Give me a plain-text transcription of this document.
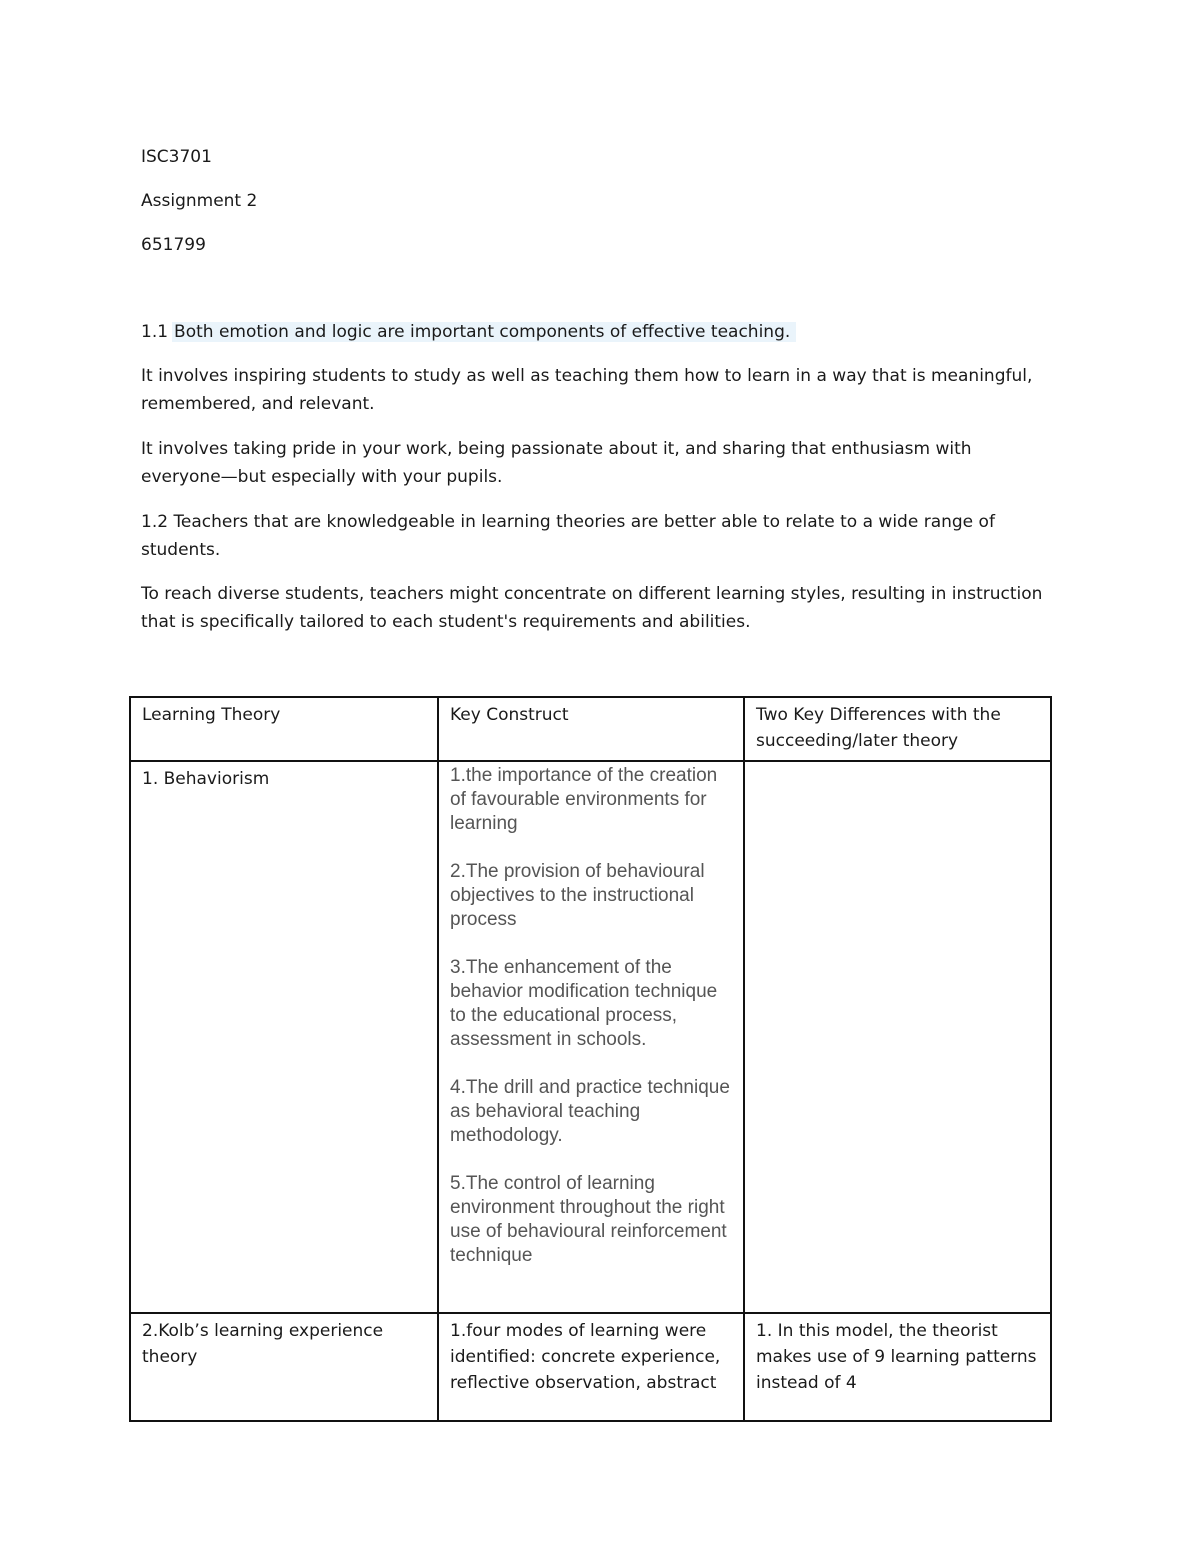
ISC3701

Assignment 2

651799

1.1 Both emotion and logic are important components of effective teaching.

It involves inspiring students to study as well as teaching them how to learn in a way that is meaningful, remembered, and relevant.

It involves taking pride in your work, being passionate about it, and sharing that enthusiasm with everyone—but especially with your pupils.

1.2 Teachers that are knowledgeable in learning theories are better able to relate to a wide range of students.

To reach diverse students, teachers might concentrate on different learning styles, resulting in instruction that is specifically tailored to each student's requirements and abilities.

Learning Theory	Key Construct	Two Key Differences with the succeeding/later theory
1. Behaviorism	1.the importance of the creation of favourable environments for learning

2.The provision of behavioural objectives to the instructional process

3.The enhancement of the behavior modification technique to the educational process, assessment in schools.

4.The drill and practice technique as behavioral teaching methodology.

5.The control of learning environment throughout the right use of behavioural reinforcement technique	

2.Kolb’s learning experience theory	1.four modes of learning were identified: concrete experience, reflective observation, abstract	1. In this model, the theorist makes use of 9 learning patterns instead of 4
